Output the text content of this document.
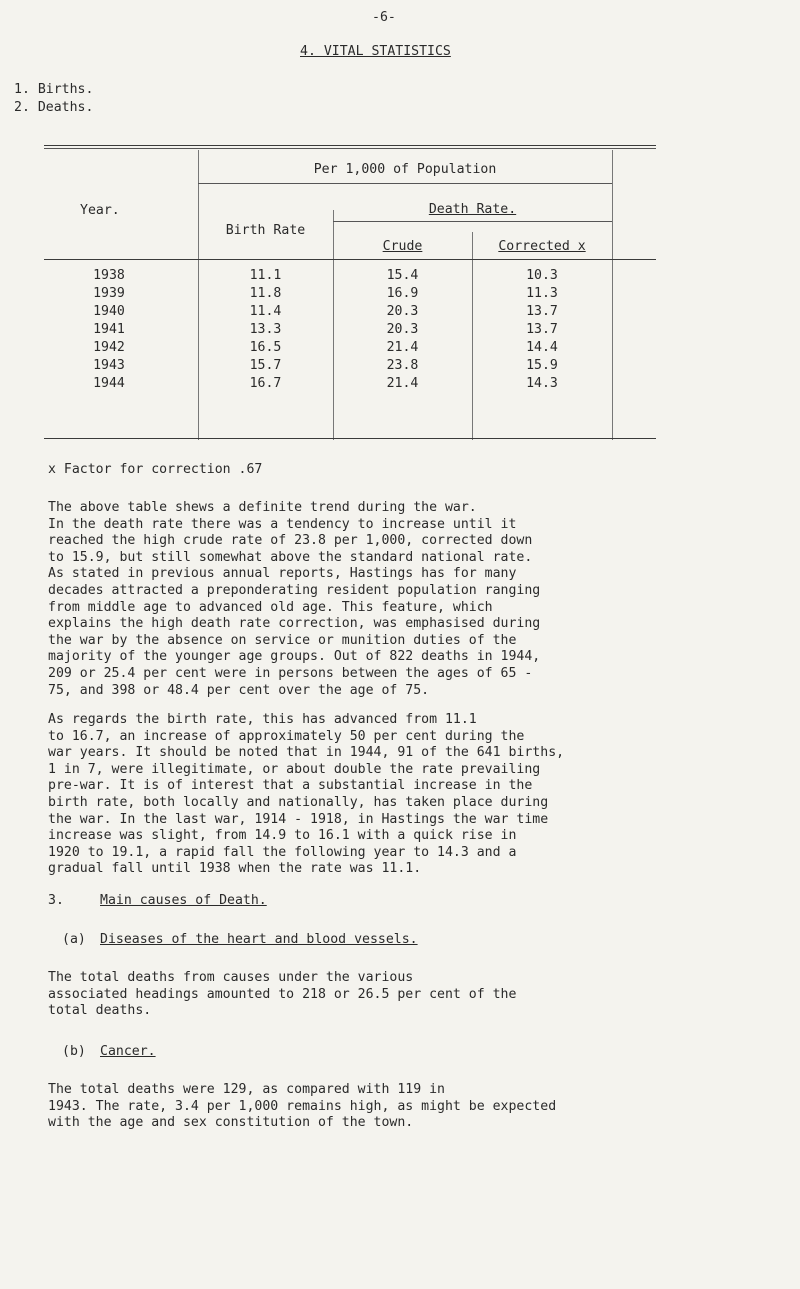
-6-
4. VITAL STATISTICS
1. Births.
2. Deaths.
Per 1,000 of Population
Year.	Death Rate.
Birth Rate
Crude	Corrected x
1938	11.1	15.4	10.3
1939	11.8	16.9	11.3
1940	11.4	20.3	13.7
1941	13.3	20.3	13.7
1942	16.5	21.4	14.4
1943	15.7	23.8	15.9
1944	16.7	21.4	14.3
x Factor for correction .67
The above table shews a definite trend during the war.
In the death rate there was a tendency to increase until it
reached the high crude rate of 23.8 per 1,000, corrected down
to 15.9, but still somewhat above the standard national rate.
As stated in previous annual reports, Hastings has for many
decades attracted a preponderating resident population ranging
from middle age to advanced old age. This feature, which
explains the high death rate correction, was emphasised during
the war by the absence on service or munition duties of the
majority of the younger age groups. Out of 822 deaths in 1944,
209 or 25.4 per cent were in persons between the ages of 65 -
75, and 398 or 48.4 per cent over the age of 75.
As regards the birth rate, this has advanced from 11.1
to 16.7, an increase of approximately 50 per cent during the
war years. It should be noted that in 1944, 91 of the 641 births,
1 in 7, were illegitimate, or about double the rate prevailing
pre-war. It is of interest that a substantial increase in the
birth rate, both locally and nationally, has taken place during
the war. In the last war, 1914 - 1918, in Hastings the war time
increase was slight, from 14.9 to 16.1 with a quick rise in
1920 to 19.1, a rapid fall the following year to 14.3 and a
gradual fall until 1938 when the rate was 11.1.
3.	Main causes of Death.
(a) Diseases of the heart and blood vessels.
The total deaths from causes under the various
associated headings amounted to 218 or 26.5 per cent of the
total deaths.
(b) Cancer.
The total deaths were 129, as compared with 119 in
1943. The rate, 3.4 per 1,000 remains high, as might be expected
with the age and sex constitution of the town.
